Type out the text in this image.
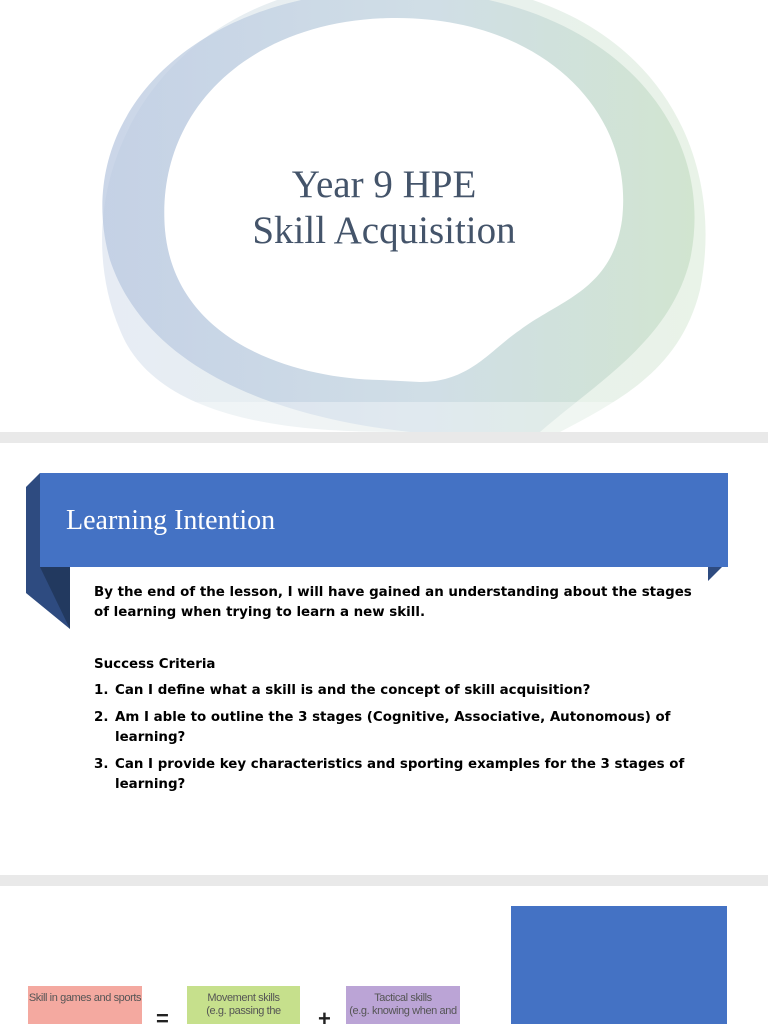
Year 9 HPE
Skill Acquisition
Learning Intention

By the end of the lesson, I will have gained an understanding about the stages of learning when trying to learn a new skill.

Success Criteria

1. Can I define what a skill is and the concept of skill acquisition?
2. Am I able to outline the 3 stages (Cognitive, Associative, Autonomous) of learning?
3. Can I provide key characteristics and sporting examples for the 3 stages of learning?
Skill in games and sports
=
Movement skills
(e.g. passing the	+
Tactical skills
(e.g. knowing when and
